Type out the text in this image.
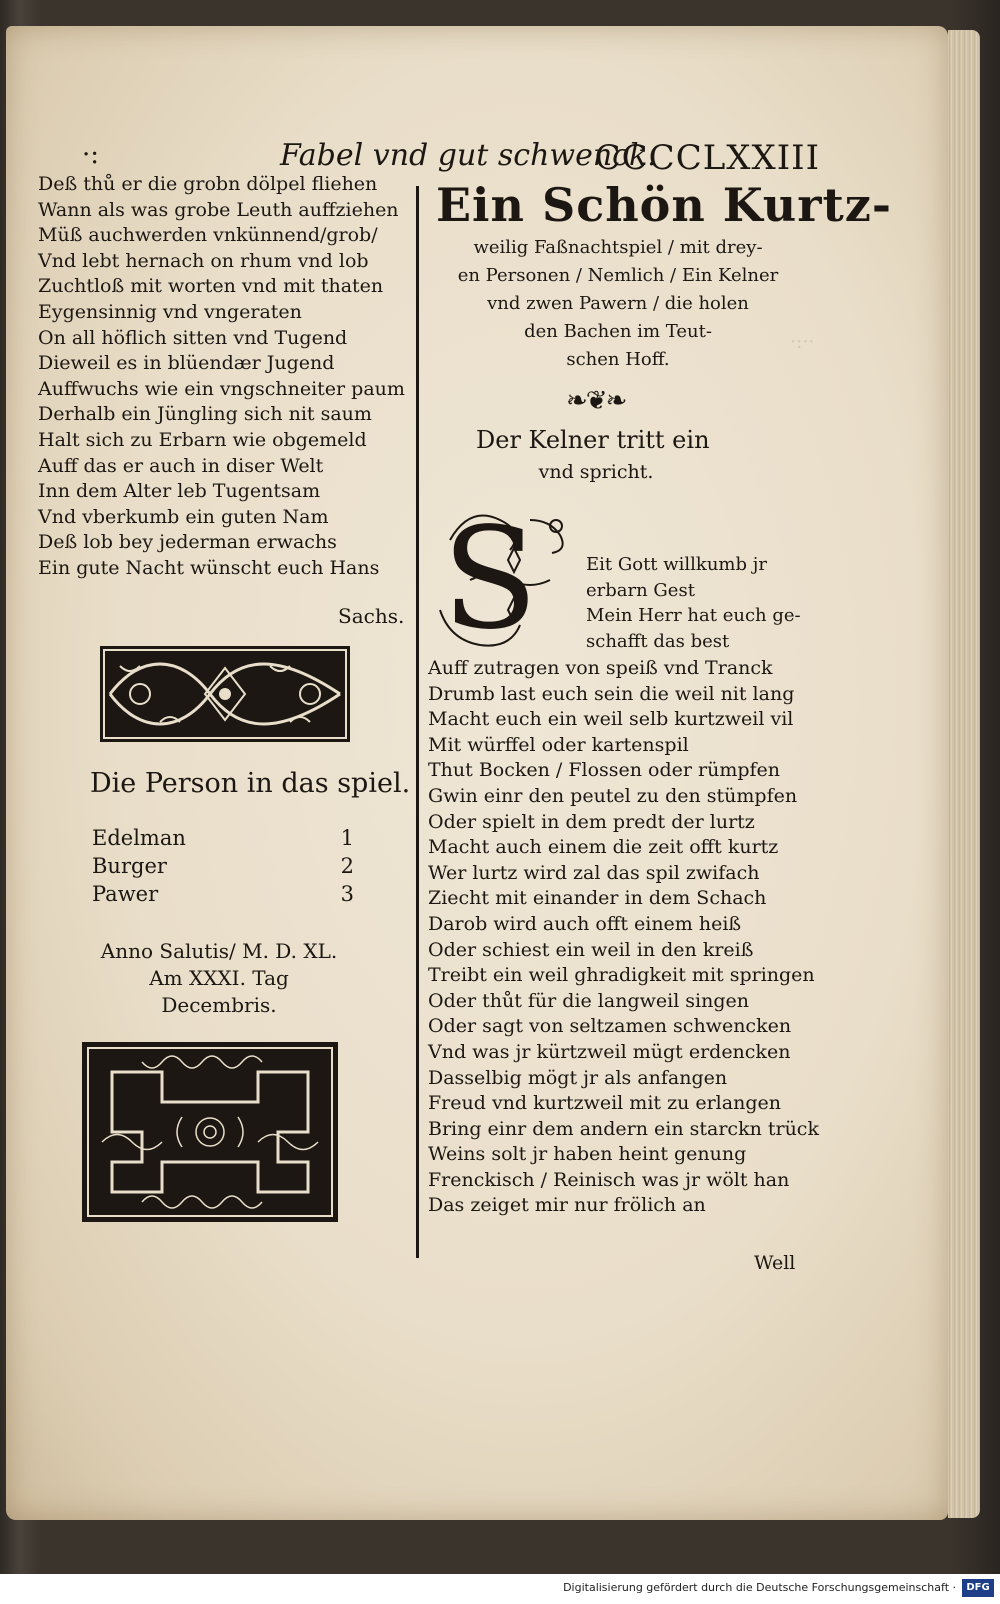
·:··
·:	Fabel vnd gut schwenck.
CCCCLXXIII
Deß thů er die grobn dölpel fliehen
Wann als was grobe Leuth auffziehen
Müß auchwerden vnkünnend/grob/
Vnd lebt hernach on rhum vnd lob
Zuchtloß mit worten vnd mit thaten
Eygensinnig vnd vngeraten
On all höflich sitten vnd Tugend
Dieweil es in blüendær Jugend
Auffwuchs wie ein vngschneiter paum
Derhalb ein Jüngling sich nit saum
Halt sich zu Erbarn wie obgemeld
Auff das er auch in diser Welt
Inn dem Alter leb Tugentsam
Vnd vberkumb ein guten Nam
Deß lob bey jederman erwachs
Ein gute Nacht wünscht euch Hans
Sachs.
Die Person in das spiel.
Edelman	1
Burger	2
Pawer	3
Anno Salutis/ M. D. XL.
Am XXXI. Tag
Decembris.
Ein Schön Kurtz-
weilig Faßnachtspiel / mit drey-
en Personen / Nemlich / Ein Kelner
vnd zwen Pawern / die holen
den Bachen im Teut-
schen Hoff.
❧❦❧
Der Kelner tritt ein
vnd spricht.
S	Eit Gott willkumb jr
erbarn Gest
Mein Herr hat euch ge-
schafft das best
Auff zutragen von speiß vnd Tranck
Drumb last euch sein die weil nit lang
Macht euch ein weil selb kurtzweil vil
Mit würffel oder kartenspil
Thut Bocken / Flossen oder rümpfen
Gwin einr den peutel zu den stümpfen
Oder spielt in dem predt der lurtz
Macht auch einem die zeit offt kurtz
Wer lurtz wird zal das spil zwifach
Ziecht mit einander in dem Schach
Darob wird auch offt einem heiß
Oder schiest ein weil in den kreiß
Treibt ein weil ghradigkeit mit springen
Oder thůt für die langweil singen
Oder sagt von seltzamen schwencken
Vnd was jr kürtzweil mügt erdencken
Dasselbig mögt jr als anfangen
Freud vnd kurtzweil mit zu erlangen
Bring einr dem andern ein starckn trück
Weins solt jr haben heint genung
Frenckisch / Reinisch was jr wölt han
Das zeiget mir nur frölich an
Well
Digitalisierung gefördert durch die Deutsche Forschungsgemeinschaft ·	DFG
